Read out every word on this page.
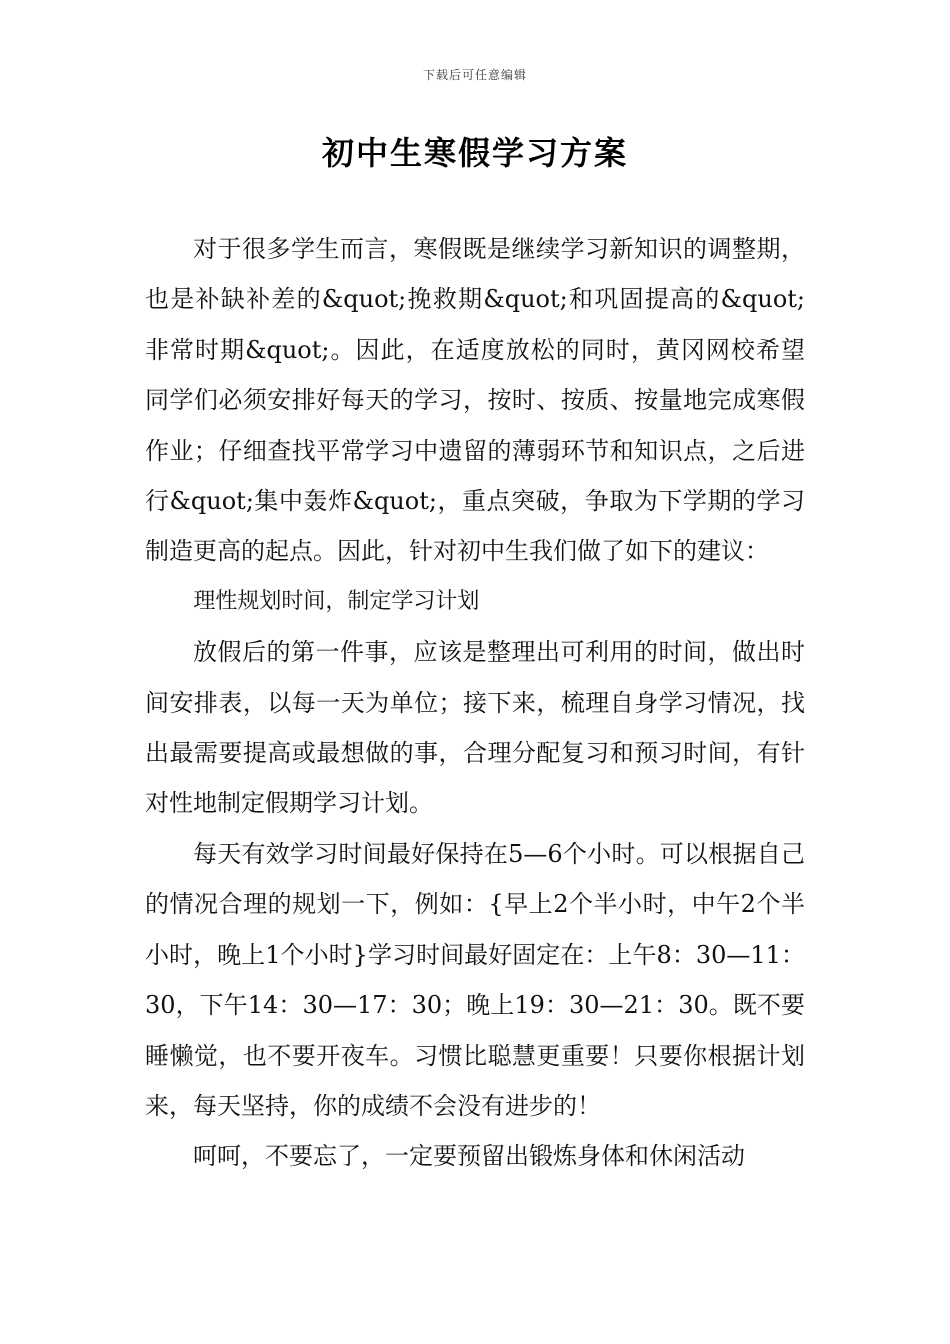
下载后可任意编辑
初中生寒假学习方案

对于很多学生而言，寒假既是继续学习新知识的调整期，也是补缺补差的&quot;挽救期&quot;和巩固提高的&quot;非常时期&quot;。因此，在适度放松的同时，黄冈网校希望同学们必须安排好每天的学习，按时、按质、按量地完成寒假作业；仔细查找平常学习中遗留的薄弱环节和知识点，之后进行&quot;集中轰炸&quot;，重点突破，争取为下学期的学习制造更高的起点。因此，针对初中生我们做了如下的建议：

理性规划时间，制定学习计划

放假后的第一件事，应该是整理出可利用的时间，做出时间安排表，以每一天为单位；接下来，梳理自身学习情况，找出最需要提高或最想做的事，合理分配复习和预习时间，有针对性地制定假期学习计划。

每天有效学习时间最好保持在5—6个小时。可以根据自己的情况合理的规划一下，例如：{早上2个半小时，中午2个半小时，晚上1个小时}学习时间最好固定在：上午8：30—11：30，下午14：30—17：30；晚上19：30—21：30。既不要睡懒觉，也不要开夜车。习惯比聪慧更重要！只要你根据计划来，每天坚持，你的成绩不会没有进步的！

呵呵，不要忘了，一定要预留出锻炼身体和休闲活动
